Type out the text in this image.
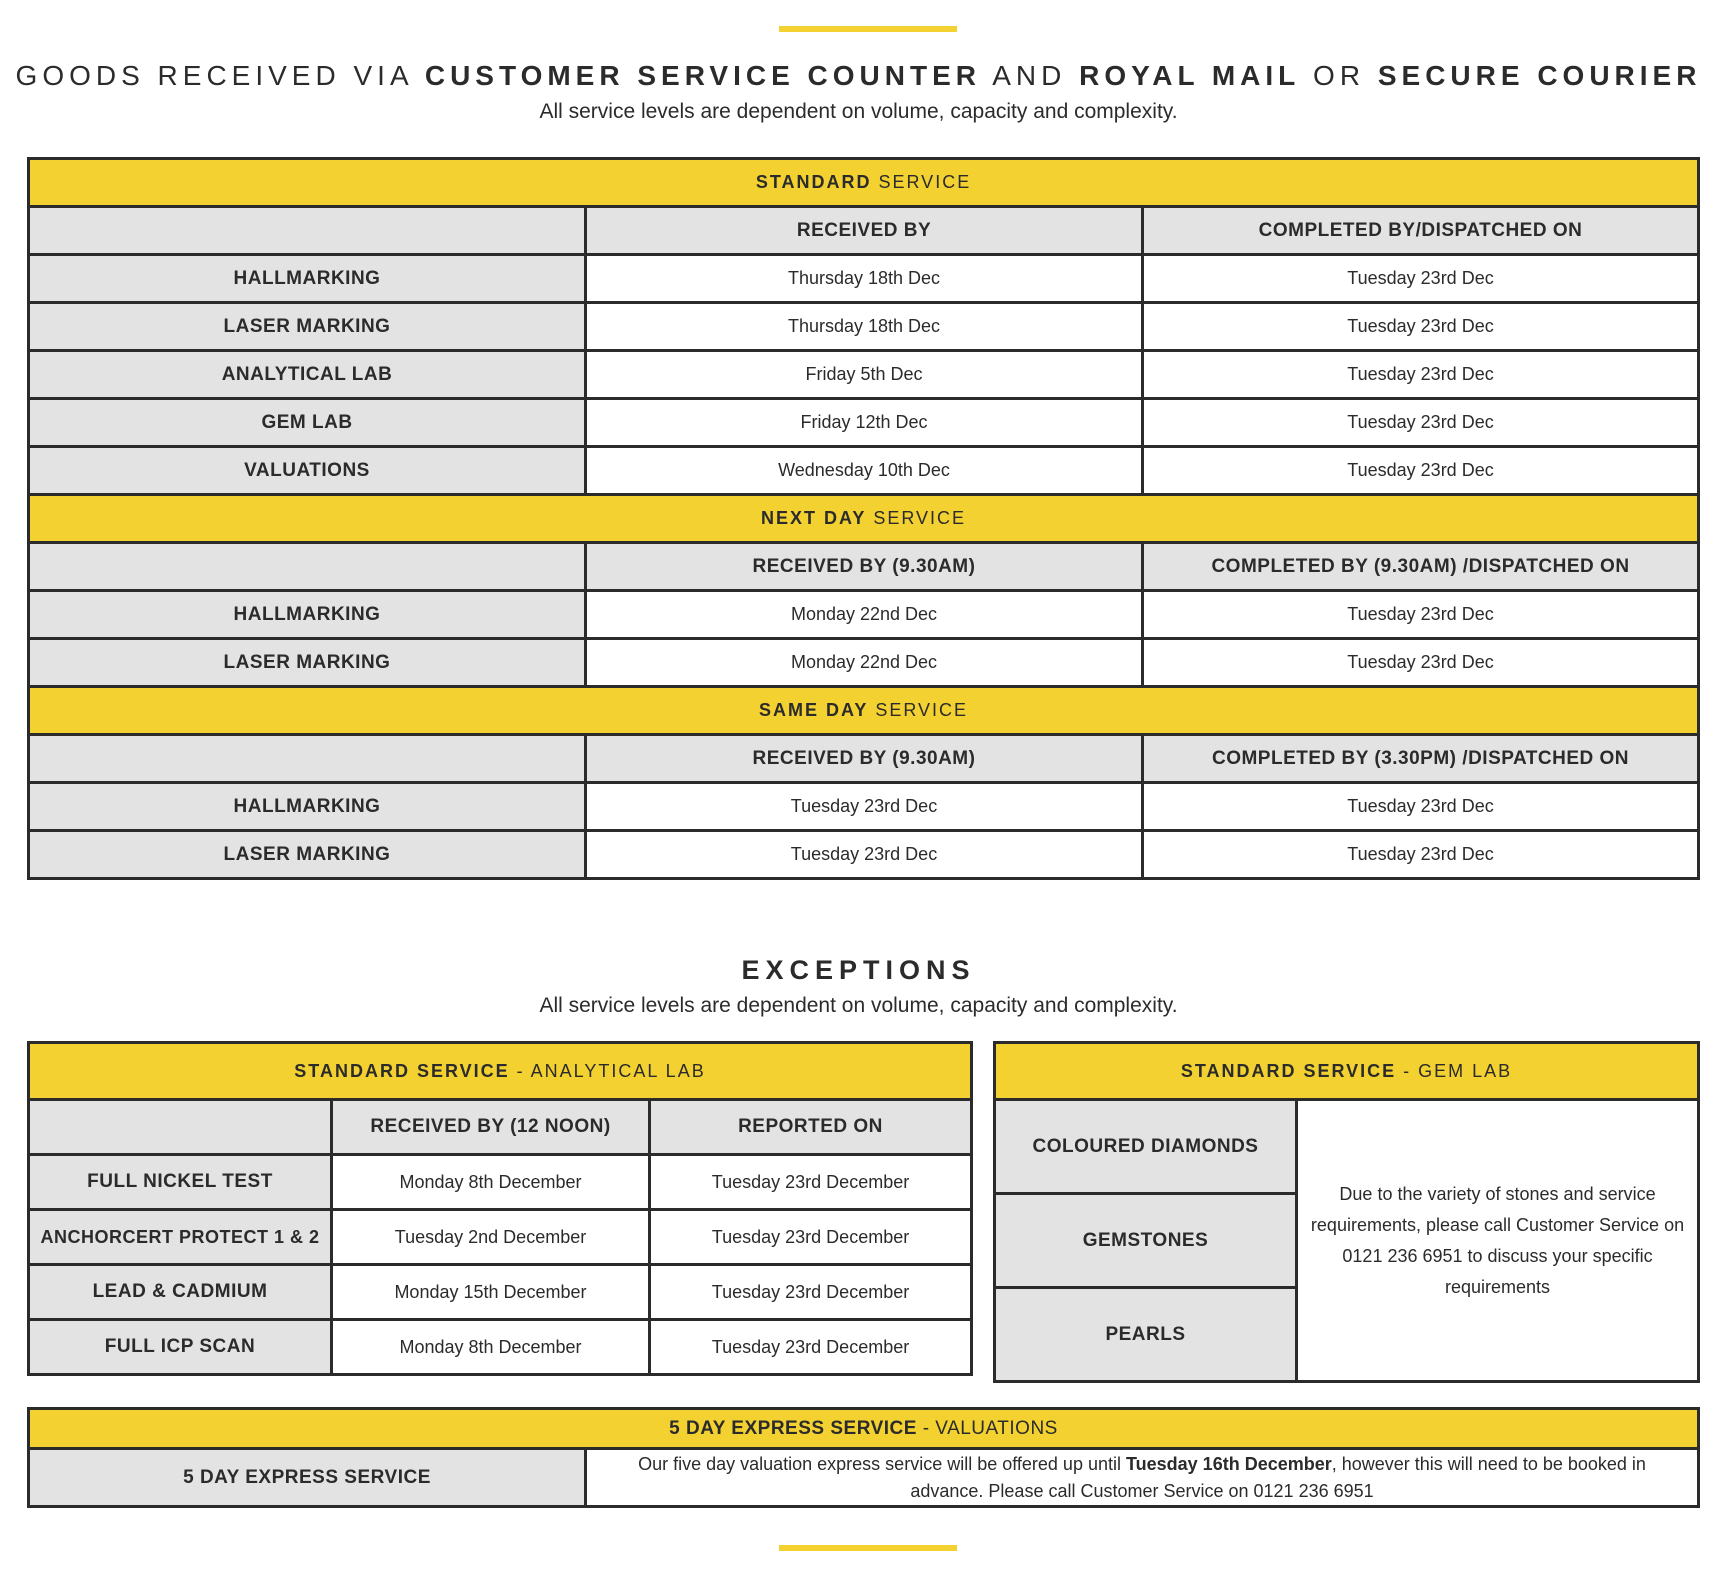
GOODS RECEIVED VIA CUSTOMER SERVICE COUNTER AND ROYAL MAIL OR SECURE COURIER
All service levels are dependent on volume, capacity and complexity.
STANDARD SERVICE		
	RECEIVED BY	COMPLETED BY/DISPATCHED ON
HALLMARKING	Thursday 18th Dec	Tuesday 23rd Dec
LASER MARKING	Thursday 18th Dec	Tuesday 23rd Dec
ANALYTICAL LAB	Friday 5th Dec	Tuesday 23rd Dec
GEM LAB	Friday 12th Dec	Tuesday 23rd Dec
VALUATIONS	Wednesday 10th Dec	Tuesday 23rd Dec
NEXT DAY SERVICE		
	RECEIVED BY (9.30AM)	COMPLETED BY (9.30AM) /DISPATCHED ON
HALLMARKING	Monday 22nd Dec	Tuesday 23rd Dec
LASER MARKING	Monday 22nd Dec	Tuesday 23rd Dec
SAME DAY SERVICE		
	RECEIVED BY (9.30AM)	COMPLETED BY (3.30PM) /DISPATCHED ON
HALLMARKING	Tuesday 23rd Dec	Tuesday 23rd Dec
LASER MARKING	Tuesday 23rd Dec	Tuesday 23rd Dec
EXCEPTIONS
All service levels are dependent on volume, capacity and complexity.
STANDARD SERVICE - ANALYTICAL LAB		
	RECEIVED BY (12 NOON)	REPORTED ON
FULL NICKEL TEST	Monday 8th December	Tuesday 23rd December
ANCHORCERT PROTECT 1 & 2	Tuesday 2nd December	Tuesday 23rd December
LEAD & CADMIUM	Monday 15th December	Tuesday 23rd December
FULL ICP SCAN	Monday 8th December	Tuesday 23rd December
STANDARD SERVICE - GEM LAB
COLOURED DIAMONDS	Due to the variety of stones and service requirements, please call Customer Service on 0121 236 6951 to discuss your specific requirements
GEMSTONES
PEARLS
5 DAY EXPRESS SERVICE - VALUATIONS
5 DAY EXPRESS SERVICE	Our five day valuation express service will be offered up until Tuesday 16th December, however this will need to be booked in advance. Please call Customer Service on 0121 236 6951
